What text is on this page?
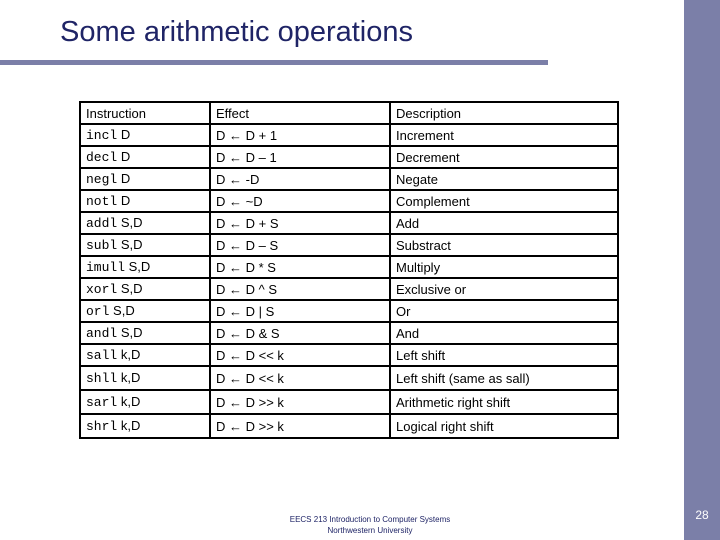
28
Some arithmetic operations
Instruction	Effect	Description
incl D	D ← D + 1	Increment
decl D	D ← D – 1	Decrement
negl D	D ← -D	Negate
notl D	D ← ~D	Complement
addl S,D	D ← D + S	Add
subl S,D	D ← D – S	Substract
imull S,D	D ← D * S	Multiply
xorl S,D	D ← D ^ S	Exclusive or
orl S,D	D ← D | S	Or
andl S,D	D ← D & S	And
sall k,D	D ← D << k	Left shift
shll k,D	D ← D << k	Left shift (same as sall)
sarl k,D	D ← D >> k	Arithmetic right shift
shrl k,D	D ← D >> k	Logical right shift
EECS 213 Introduction to Computer Systems
Northwestern University
